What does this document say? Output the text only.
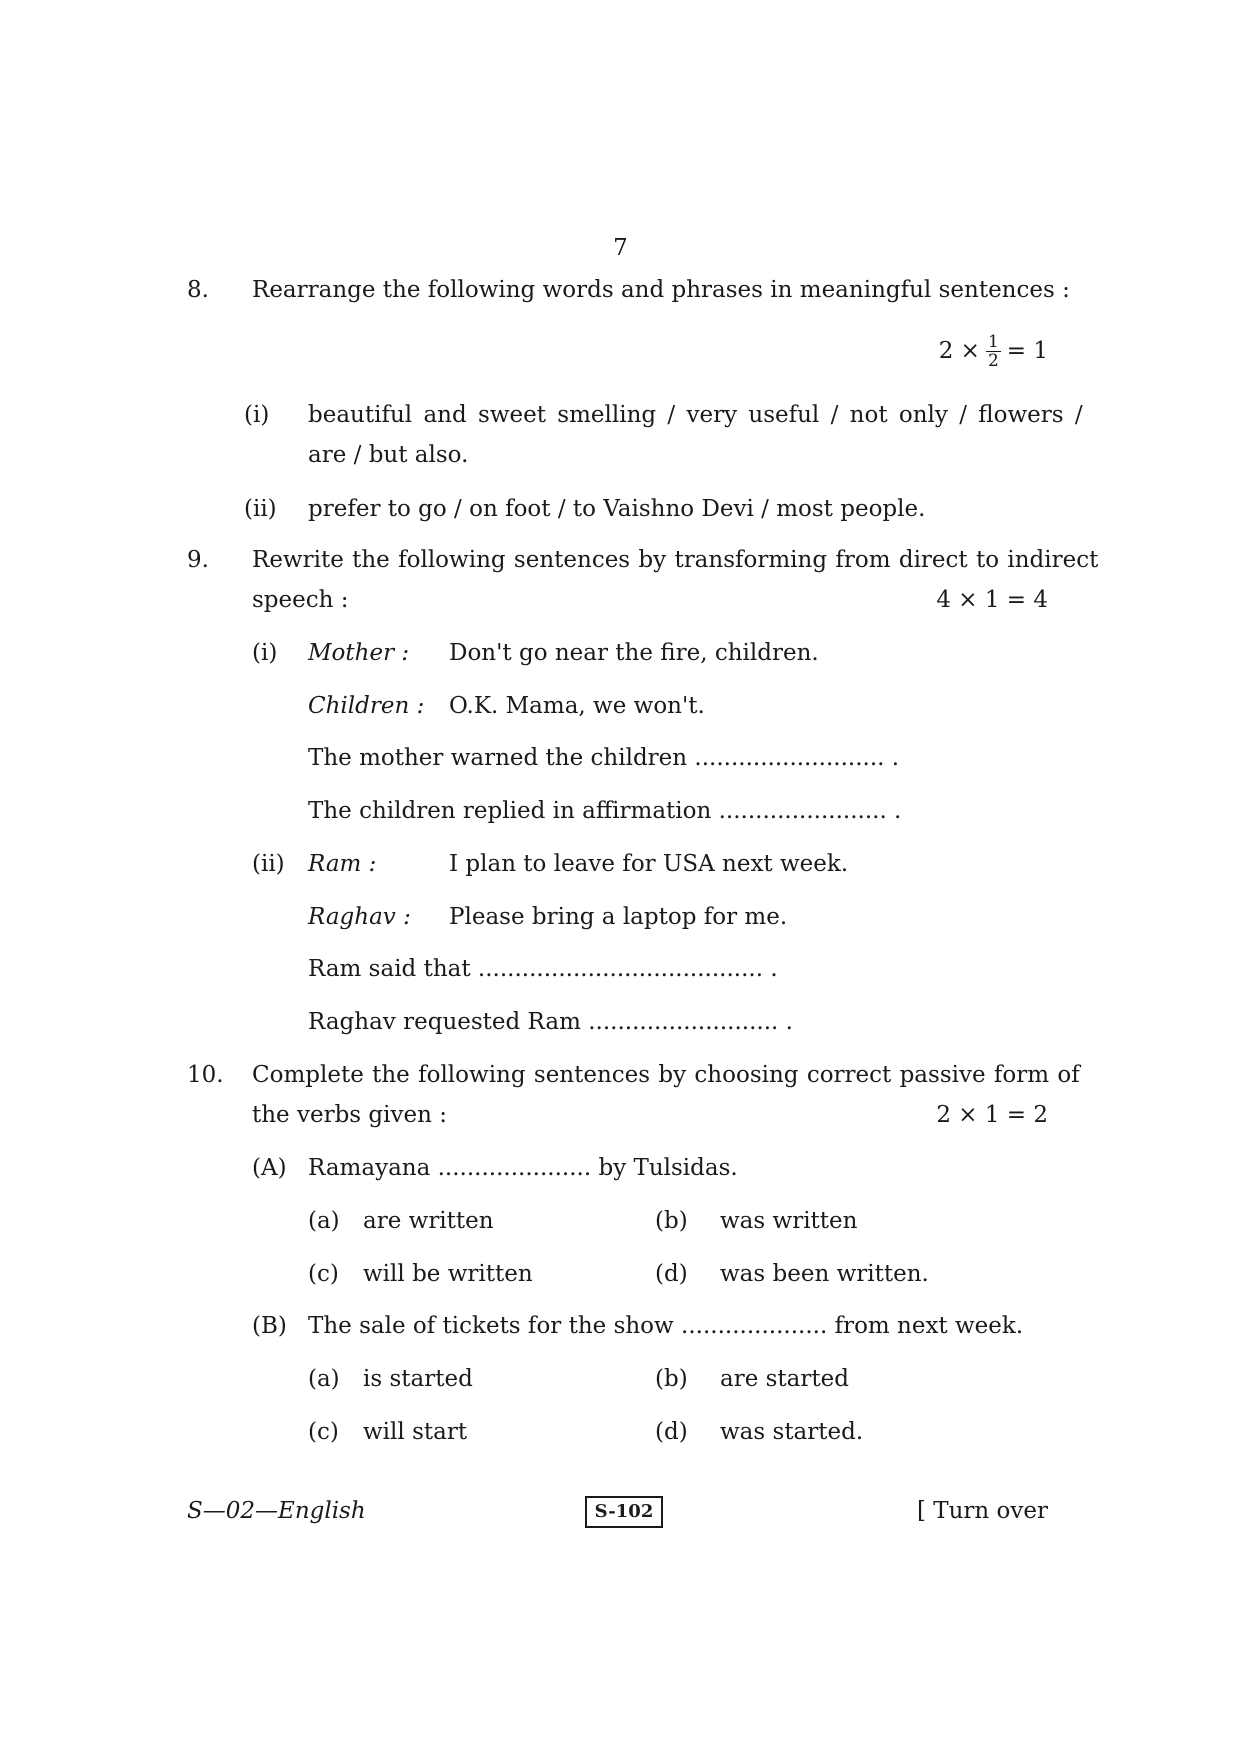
7
8. Rearrange the following words and phrases in meaningful sentences :
$2 \times \frac{1}{2} = 1$
(i) beautiful and sweet smelling / very useful / not only / flowers /
are / but also.
(ii) prefer to go / on foot / to Vaishno Devi / most people.
9. Rewrite the following sentences by transforming from direct to indirect
speech :	4 × 1 = 4
(i) Mother : Don't go near the fire, children.
Children : O.K. Mama, we won't.
The mother warned the children .......................... .
The children replied in affirmation ....................... .
(ii) Ram :	I plan to leave for USA next week.
Raghav : Please bring a laptop for me.
Ram said that ....................................... .
Raghav requested Ram .......................... .
10. Complete the following sentences by choosing correct passive form of
the verbs given :	2 × 1 = 2
(A) Ramayana ..................... by Tulsidas.
(a) are written	(b) was written
(c) will be written	(d) was been written.
(B) The sale of tickets for the show .................... from next week.
(a) is started	(b) are started
(c) will start	(d) was started.
S—02—English	S-102	[ Turn over
